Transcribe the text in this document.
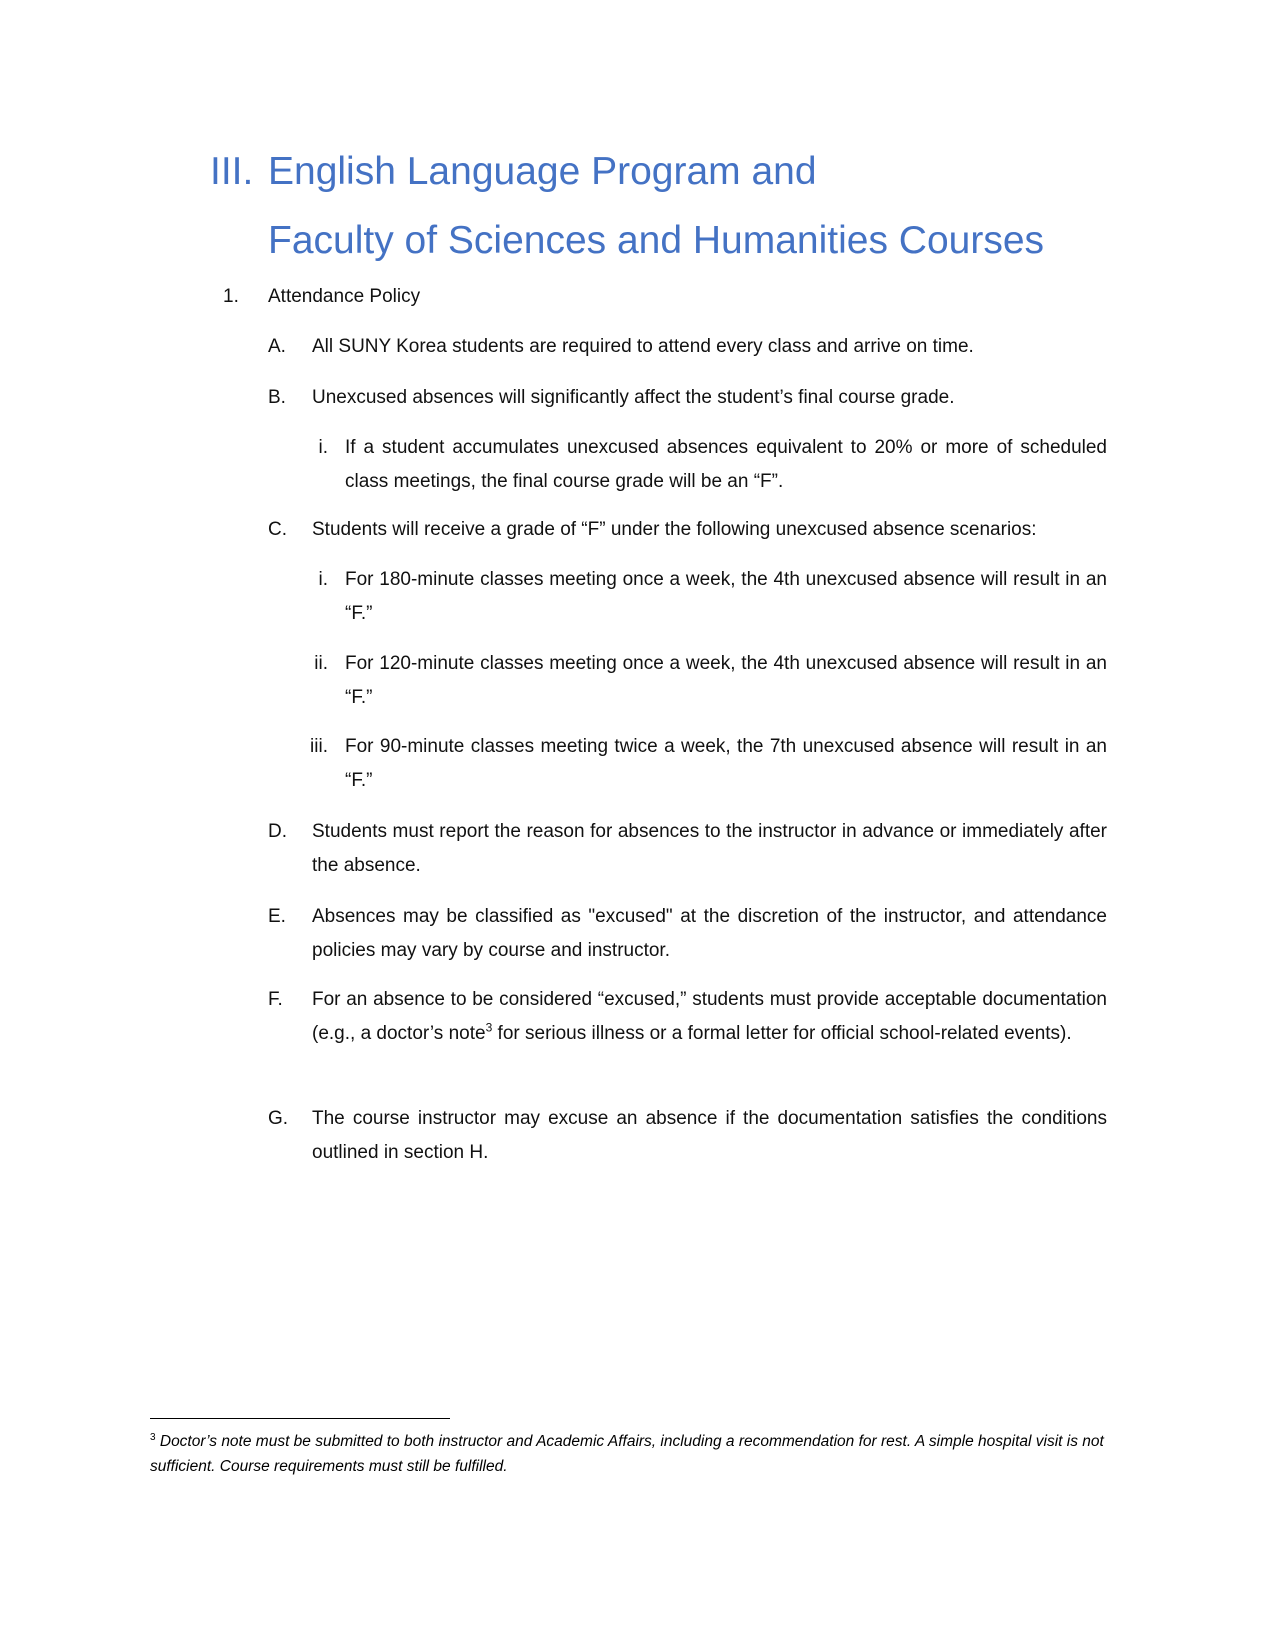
III. English Language Program and
Faculty of Sciences and Humanities Courses
1. Attendance Policy
A. All SUNY Korea students are required to attend every class and arrive on time.
B. Unexcused absences will significantly affect the student’s final course grade.
i. If a student accumulates unexcused absences equivalent to 20% or more of scheduled class meetings, the final course grade will be an “F”.
C. Students will receive a grade of “F” under the following unexcused absence scenarios:
i. For 180-minute classes meeting once a week, the 4th unexcused absence will result in an “F.”
ii. For 120-minute classes meeting once a week, the 4th unexcused absence will result in an “F.”
iii. For 90-minute classes meeting twice a week, the 7th unexcused absence will result in an “F.”
D. Students must report the reason for absences to the instructor in advance or immediately after the absence.
E. Absences may be classified as "excused" at the discretion of the instructor, and attendance policies may vary by course and instructor.
F. For an absence to be considered “excused,” students must provide acceptable documentation (e.g., a doctor’s note$^3$ for serious illness or a formal letter for official school-related events).
G. The course instructor may excuse an absence if the documentation satisfies the conditions outlined in section H.
$^3$ Doctor’s note must be submitted to both instructor and Academic Affairs, including a recommendation for rest. A simple hospital visit is not sufficient. Course requirements must still be fulfilled.
